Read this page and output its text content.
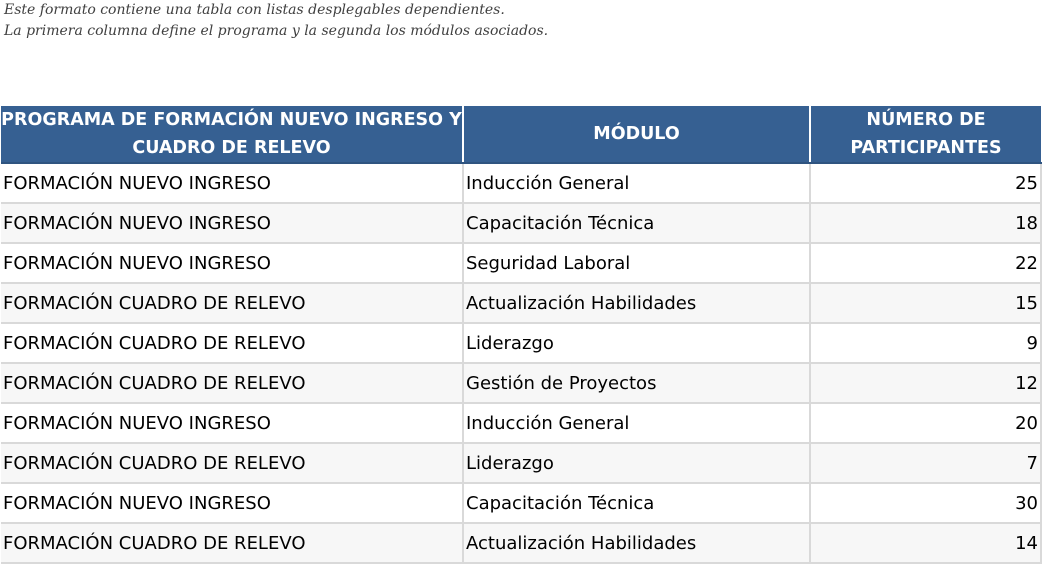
Este formato contiene una tabla con listas desplegables dependientes.
La primera columna define el programa y la segunda los módulos asociados.
PROGRAMA DE FORMACIÓN NUEVO INGRESO Y CUADRO DE RELEVO	MÓDULO	NÚMERO DE PARTICIPANTES
FORMACIÓN NUEVO INGRESO	Inducción General	25
FORMACIÓN NUEVO INGRESO	Capacitación Técnica	18
FORMACIÓN NUEVO INGRESO	Seguridad Laboral	22
FORMACIÓN CUADRO DE RELEVO	Actualización Habilidades	15
FORMACIÓN CUADRO DE RELEVO	Liderazgo	9
FORMACIÓN CUADRO DE RELEVO	Gestión de Proyectos	12
FORMACIÓN NUEVO INGRESO	Inducción General	20
FORMACIÓN CUADRO DE RELEVO	Liderazgo	7
FORMACIÓN NUEVO INGRESO	Capacitación Técnica	30
FORMACIÓN CUADRO DE RELEVO	Actualización Habilidades	14
